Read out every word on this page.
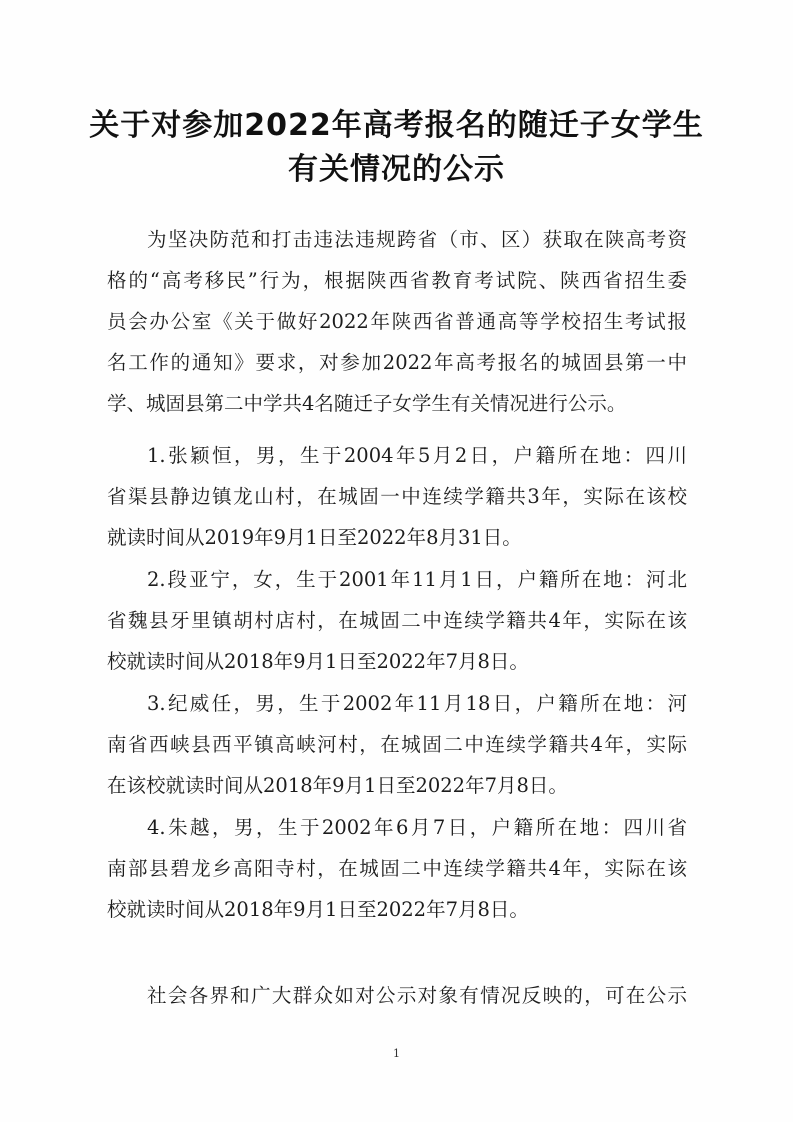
关于对参加2022年高考报名的随迁子女学生
有关情况的公示
为坚决防范和打击违法违规跨省（市、区）获取在陕高考资
格的“高考移民”行为，根据陕西省教育考试院、陕西省招生委
员会办公室《关于做好2022年陕西省普通高等学校招生考试报
名工作的通知》要求，对参加2022年高考报名的城固县第一中
学、城固县第二中学共4名随迁子女学生有关情况进行公示。
1.张颖恒，男，生于2004年5月2日，户籍所在地：四川
省渠县静边镇龙山村，在城固一中连续学籍共3年，实际在该校
就读时间从2019年9月1日至2022年8月31日。
2.段亚宁，女，生于2001年11月1日，户籍所在地：河北
省魏县牙里镇胡村店村，在城固二中连续学籍共4年，实际在该
校就读时间从2018年9月1日至2022年7月8日。
3.纪威任，男，生于2002年11月18日，户籍所在地：河
南省西峡县西平镇高峡河村，在城固二中连续学籍共4年，实际
在该校就读时间从2018年9月1日至2022年7月8日。
4.朱越，男，生于2002年6月7日，户籍所在地：四川省
南部县碧龙乡高阳寺村，在城固二中连续学籍共4年，实际在该
校就读时间从2018年9月1日至2022年7月8日。
社会各界和广大群众如对公示对象有情况反映的，可在公示
1
